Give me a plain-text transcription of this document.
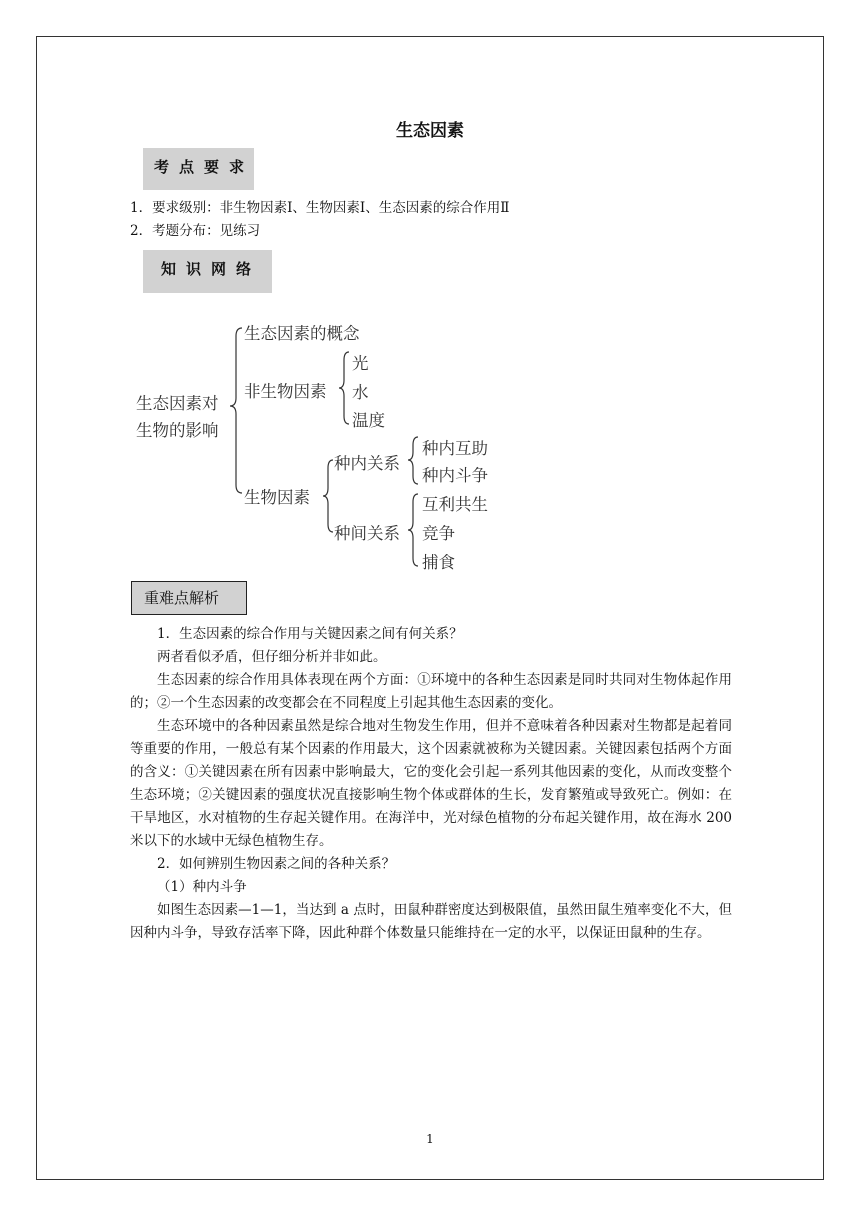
生态因素
考点要求
1．要求级别：非生物因素Ⅰ、生物因素Ⅰ、生态因素的综合作用Ⅱ
2．考题分布：见练习
知识网络
生态因素对
生物的影响
生态因素的概念
非生物因素
光
水
温度
生物因素
种内关系
种间关系
种内互助
种内斗争
互利共生
竞争
捕食
重难点解析
1．生态因素的综合作用与关键因素之间有何关系？
两者看似矛盾，但仔细分析并非如此。
生态因素的综合作用具体表现在两个方面：①环境中的各种生态因素是同时共同对生物体起作用的；②一个生态因素的改变都会在不同程度上引起其他生态因素的变化。
生态环境中的各种因素虽然是综合地对生物发生作用，但并不意味着各种因素对生物都是起着同等重要的作用，一般总有某个因素的作用最大，这个因素就被称为关键因素。关键因素包括两个方面的含义：①关键因素在所有因素中影响最大，它的变化会引起一系列其他因素的变化，从而改变整个生态环境；②关键因素的强度状况直接影响生物个体或群体的生长，发育繁殖或导致死亡。例如：在干旱地区，水对植物的生存起关键作用。在海洋中，光对绿色植物的分布起关键作用，故在海水 200 米以下的水域中无绿色植物生存。
2．如何辨别生物因素之间的各种关系？
（1）种内斗争
如图生态因素—1—1，当达到 a 点时，田鼠种群密度达到极限值，虽然田鼠生殖率变化不大，但因种内斗争，导致存活率下降，因此种群个体数量只能维持在一定的水平，以保证田鼠种的生存。
1
